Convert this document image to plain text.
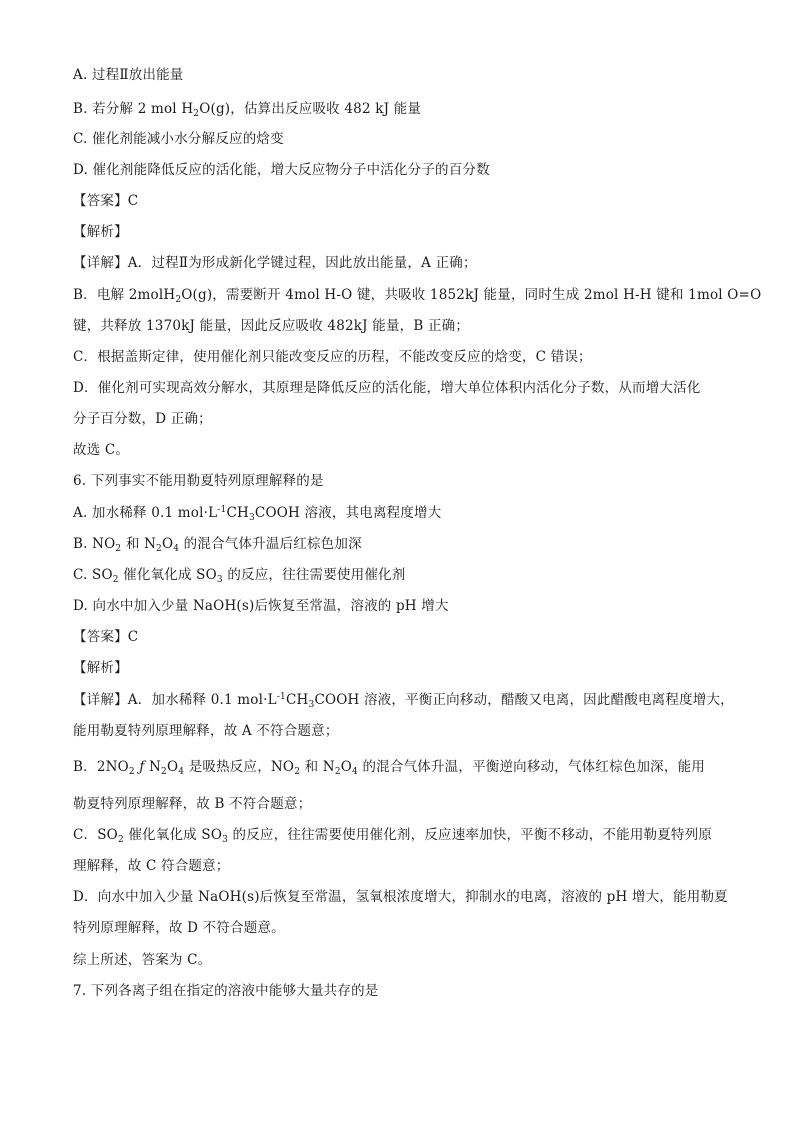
A. 过程Ⅱ放出能量
B. 若分解 2 mol $H_2O(g)$，估算出反应吸收 482 kJ 能量
C. 催化剂能减小水分解反应的焓变
D. 催化剂能降低反应的活化能，增大反应物分子中活化分子的百分数
【答案】C
【解析】
【详解】A．过程Ⅱ为形成新化学键过程，因此放出能量，A 正确；
B．电解 2molH$_2$O(g)，需要断开 4mol H-O 键，共吸收 1852kJ 能量，同时生成 2mol H-H 键和 1mol O=O
键，共释放 1370kJ 能量，因此反应吸收 482kJ 能量，B 正确；
C．根据盖斯定律，使用催化剂只能改变反应的历程，不能改变反应的焓变，C 错误；
D．催化剂可实现高效分解水，其原理是降低反应的活化能，增大单位体积内活化分子数，从而增大活化
分子百分数，D 正确；
故选 C。
6. 下列事实不能用勒夏特列原理解释的是
A. 加水稀释 0.1 $mol\cdot L^{-1}CH_3COOH$ 溶液，其电离程度增大
B. $NO_2$ 和 $N_2O_4$ 的混合气体升温后红棕色加深
C. $SO_2$ 催化氧化成 $SO_3$ 的反应，往往需要使用催化剂
D. 向水中加入少量 NaOH(s)后恢复至常温，溶液的 pH 增大
【答案】C
【解析】
【详解】A．加水稀释 0.1 $mol\cdot L^{-1}CH_3COOH$ 溶液，平衡正向移动，醋酸又电离，因此醋酸电离程度增大，
能用勒夏特列原理解释，故 A 不符合题意；
B．$2NO_2$ ƒ $N_2O_4$ 是吸热反应，$NO_2$ 和 $N_2O_4$ 的混合气体升温，平衡逆向移动，气体红棕色加深，能用
勒夏特列原理解释，故 B 不符合题意；
C．$SO_2$ 催化氧化成 $SO_3$ 的反应，往往需要使用催化剂，反应速率加快，平衡不移动，不能用勒夏特列原
理解释，故 C 符合题意；
D．向水中加入少量 NaOH(s)后恢复至常温，氢氧根浓度增大，抑制水的电离，溶液的 pH 增大，能用勒夏
特列原理解释，故 D 不符合题意。
综上所述，答案为 C。
7. 下列各离子组在指定的溶液中能够大量共存的是
